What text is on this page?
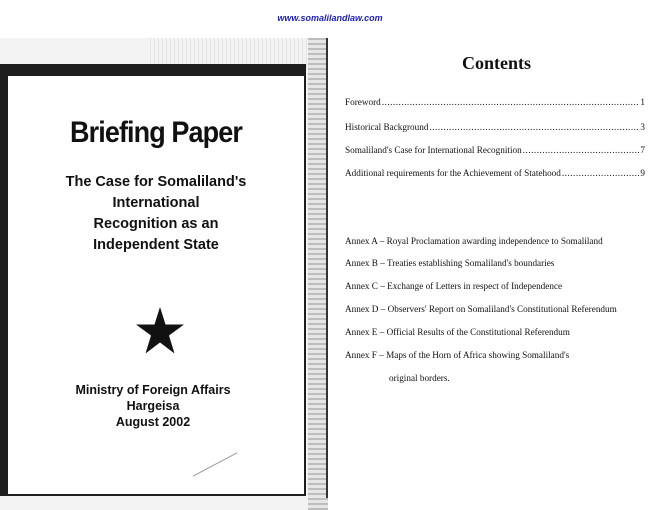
www.somalilandlaw.com
Briefing Paper
The Case for Somaliland's
International
Recognition as an
Independent State
Ministry of Foreign Affairs
Hargeisa
August 2002
Contents
Foreword .....	1
Historical Background .....	3
Somaliland's Case for International Recognition .....	7
Additional requirements for the Achievement of Statehood .....	9
Annex A – Royal Proclamation awarding independence to Somaliland
Annex B – Treaties establishing Somaliland's boundaries
Annex C – Exchange of Letters in respect of Independence
Annex D – Observers' Report on Somaliland's Constitutional Referendum
Annex E – Official Results of the Constitutional Referendum
Annex F – Maps of the Horn of Africa showing Somaliland's
original borders.
